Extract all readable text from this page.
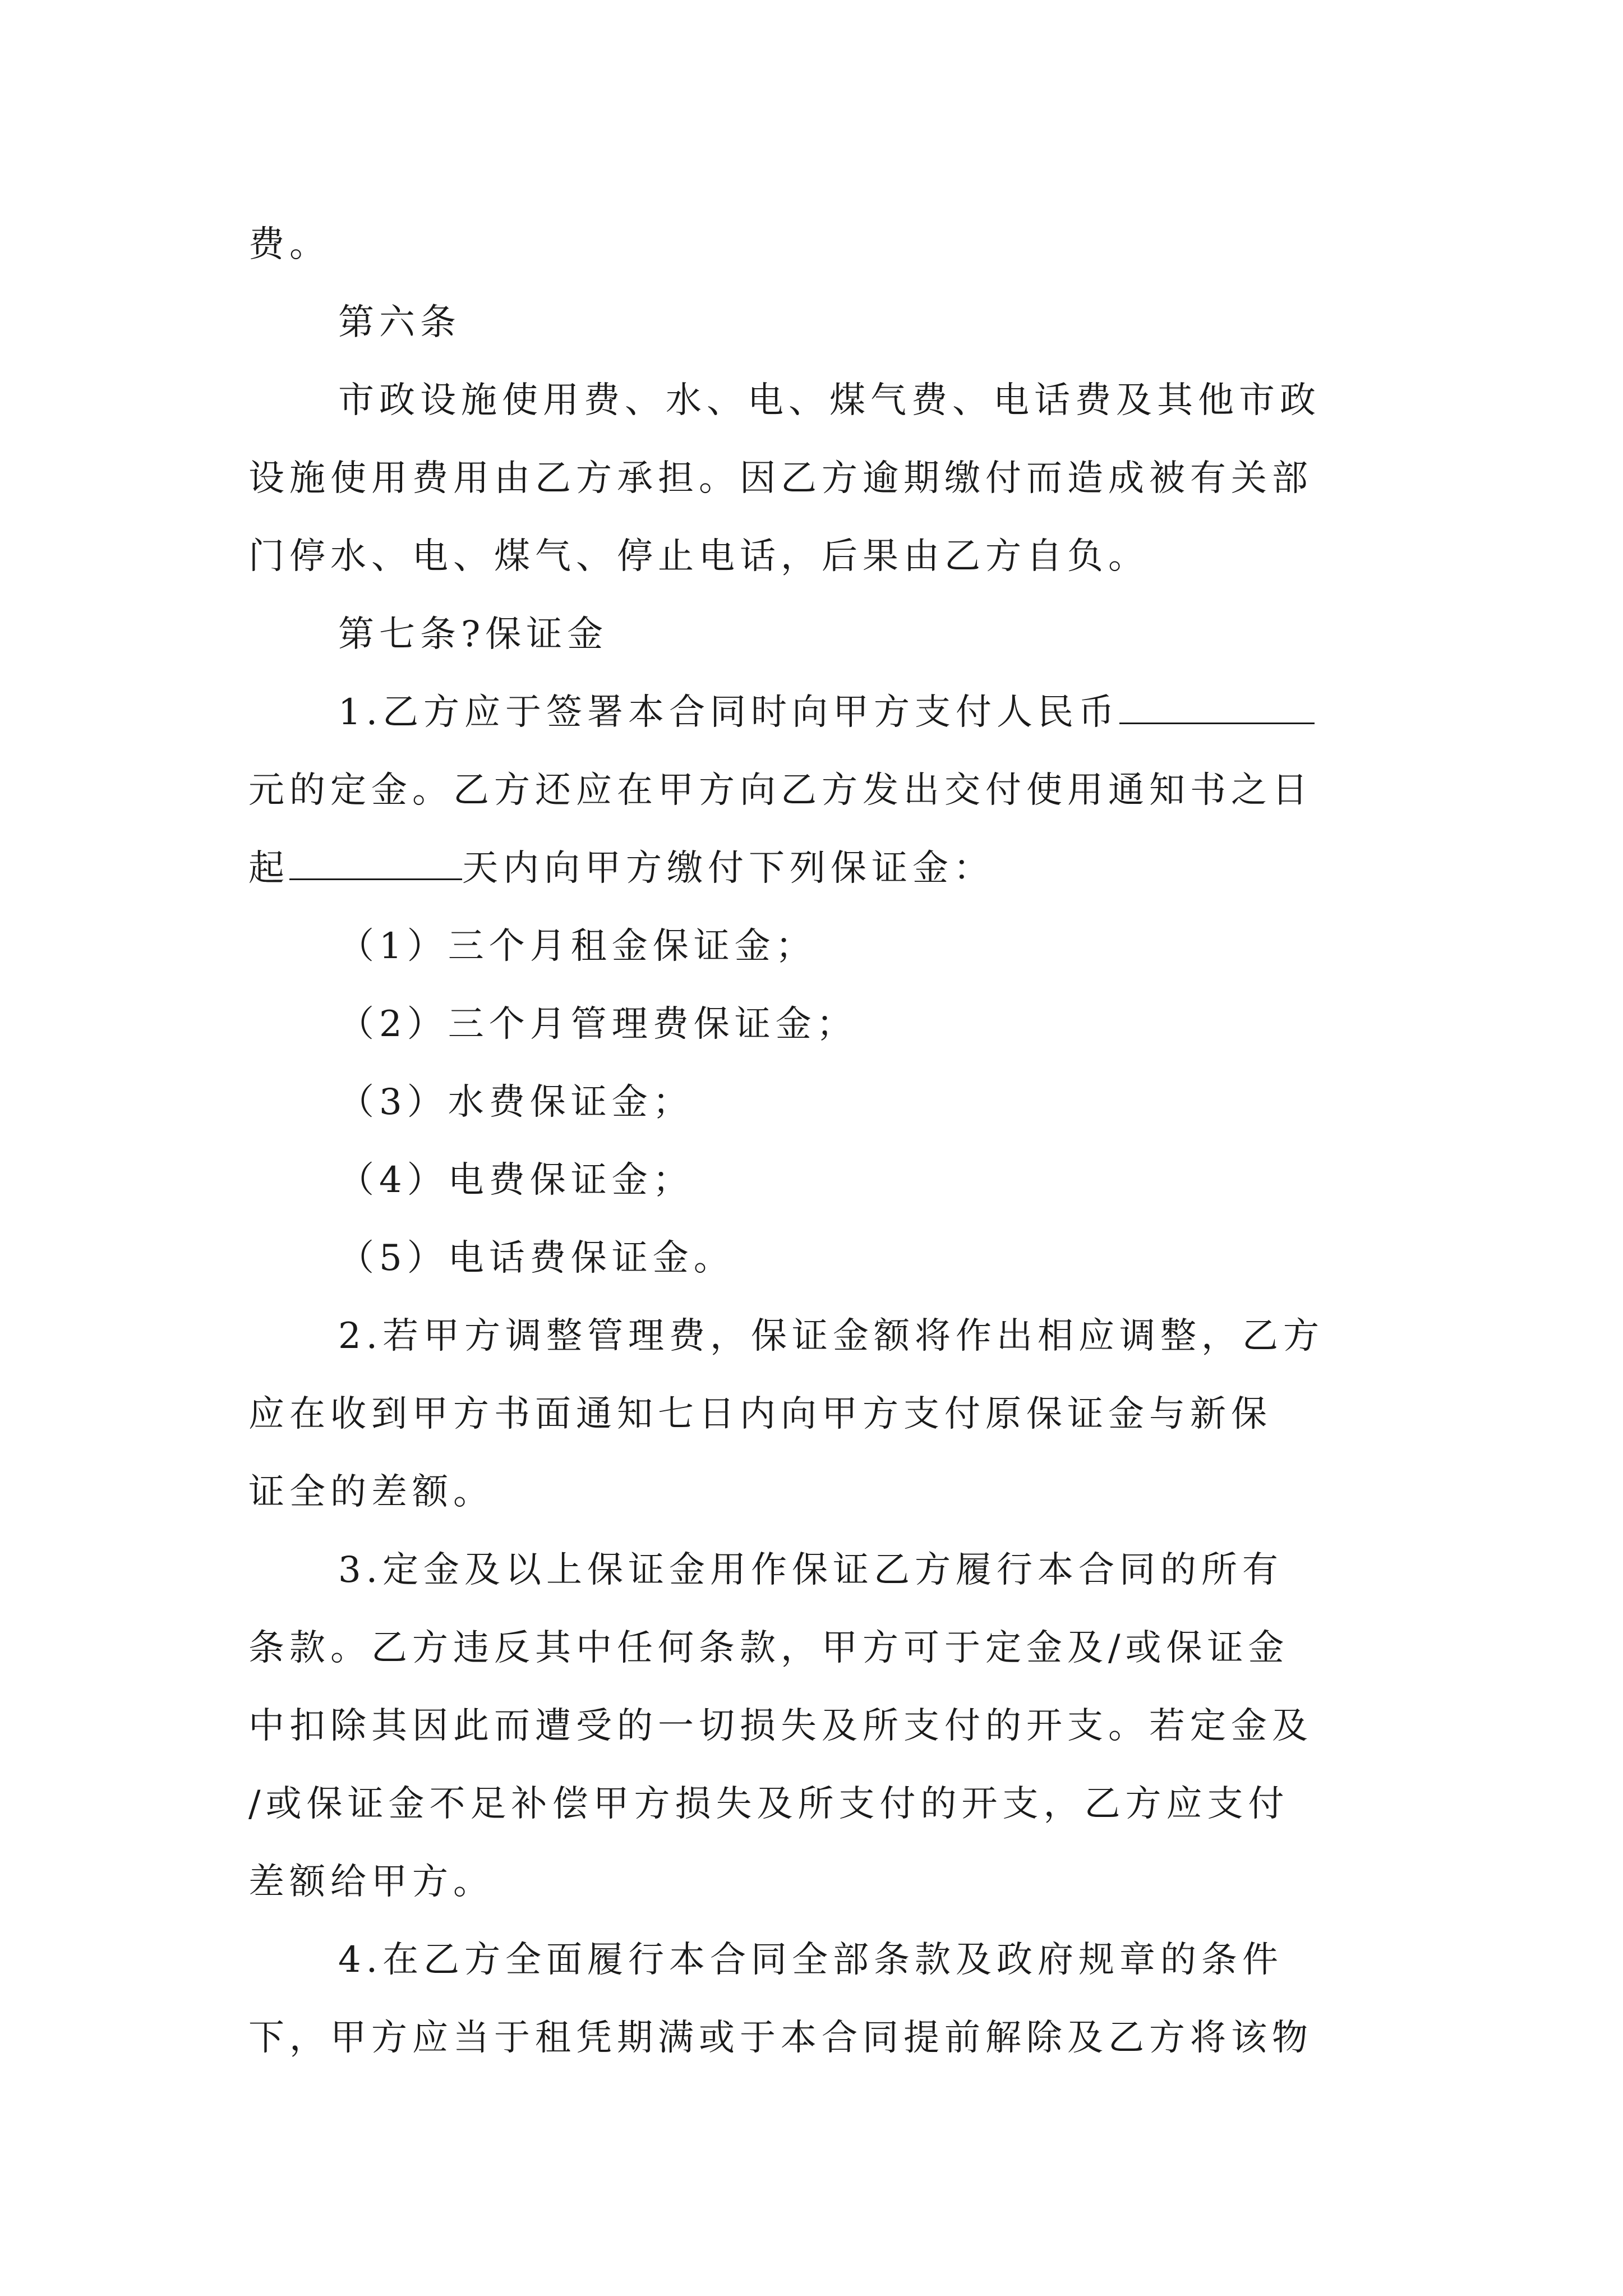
费。

第六条

市政设施使用费、水、电、煤气费、电话费及其他市政
设施使用费用由乙方承担。因乙方逾期缴付而造成被有关部
门停水、电、煤气、停止电话，后果由乙方自负。

第七条?保证金

1.乙方应于签署本合同时向甲方支付人民币
元的定金。乙方还应在甲方向乙方发出交付使用通知书之日
起	天内向甲方缴付下列保证金：

（1）三个月租金保证金；
（2）三个月管理费保证金；
（3）水费保证金；
（4）电费保证金；
（5）电话费保证金。

2.若甲方调整管理费，保证金额将作出相应调整，乙方
应在收到甲方书面通知七日内向甲方支付原保证金与新保
证全的差额。

3.定金及以上保证金用作保证乙方履行本合同的所有
条款。乙方违反其中任何条款，甲方可于定金及/或保证金
中扣除其因此而遭受的一切损失及所支付的开支。若定金及
/或保证金不足补偿甲方损失及所支付的开支，乙方应支付
差额给甲方。

4.在乙方全面履行本合同全部条款及政府规章的条件
下，甲方应当于租凭期满或于本合同提前解除及乙方将该物
